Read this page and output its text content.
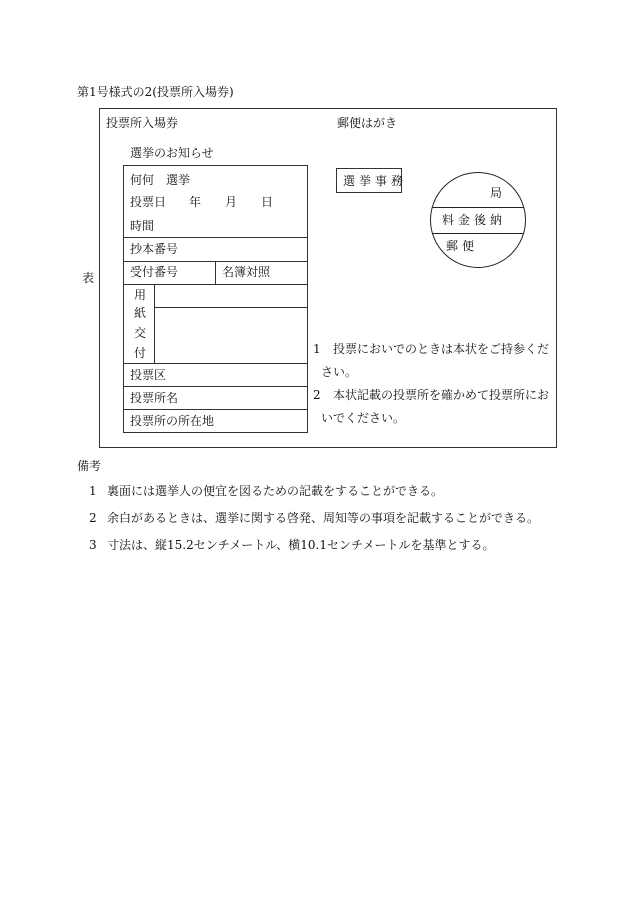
第1号様式の2(投票所入場券)
表
投票所入場券	郵便はがき
選挙のお知らせ
何何　選挙
投票日 年 月 日
時間
抄本番号
受付番号	名簿対照
用
紙
交
付
投票区
投票所名
投票所の所在地
選挙事務
局
料金後納
郵便
1 投票においでのときは本状をご持参くだ
さい。
2 本状記載の投票所を確かめて投票所にお
いでください。
備考
1 裏面には選挙人の便宜を図るための記載をすることができる。
2 余白があるときは、選挙に関する啓発、周知等の事項を記載することができる。
3 寸法は、縦15.2センチメートル、横10.1センチメートルを基準とする。
